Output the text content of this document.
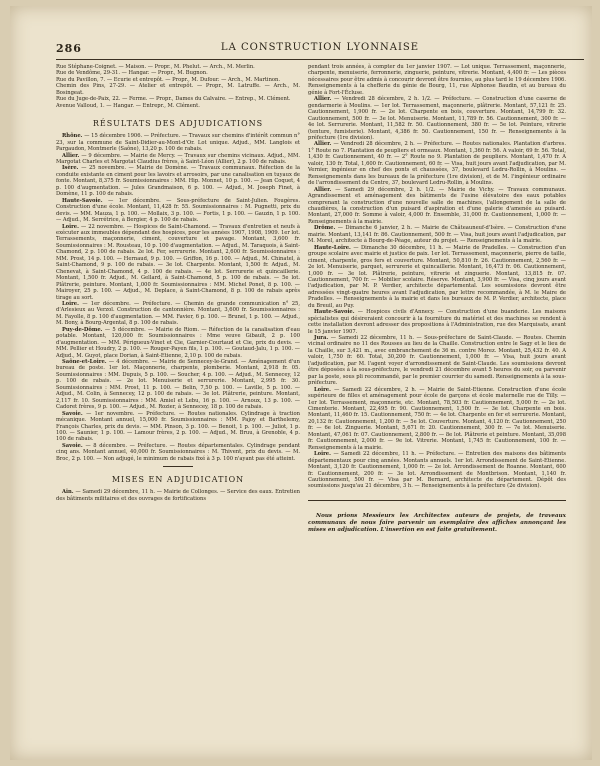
286	LA CONSTRUCTION LYONNAISE

Rue Stéphane-Coignet. — Maison. — Propr., M. Phelut. — Arch., M. Merlin.

Rue de Vendôme, 29-31. — Hangar. — Propr., M. Bugnon.

Rue du Pavillon, 7. — Ecurie et entrepôt. — Propr., M. Dufour. — Arch., M. Martinon.

Chemin des Pins, 27-29. — Atelier et entrepôt. — Propr., M. Latruffe. — Arch., M. Bosingeat.

Rue du Juge-de-Paix, 22. — Ferme. — Propr., Dames du Calvaire. — Entrep., M. Clément.

Avenue Valloud, 1. — Hangar. — Entrepr., M. Clément.

RÉSULTATS DES ADJUDICATIONS

Rhône. — 15 décembre 1906. — Préfecture. — Travaux sur chemins d'intérêt commun n° 23, sur la commune de Saint-Didier-au-Mont-d'Or. Lot unique. Adjud., MM. Langlois et Pargaudon, Montmerle (Saône), 13,20 p. 100 de rabais.

Allier. — 9 décembre. — Mairie de Mercy. — Travaux sur chemins vicinaux. Adjud., MM. Margotat Charles et Margotat Claudius frères, à Saint-Léon (Allier), 2 p. 100 de rabais.

Isère. — 25 novembre. — Mairie de Domène. — Travaux communaux. Réfection de la conduite existante en ciment pour les lavoirs et arrosoirs, par une canalisation en tuyaux de fonte. Montant, 8,375 fr. Soumissionnaires : MM. Hip. Monnet, 10 p. 100. — Jean Coquet, 4 p. 100 d'augmentation. — Jules Grandmaison, 6 p. 100. — Adjud., M. Joseph Finet, à Domène, 11 p. 100 de rabais.

Haute-Savoie. — 1er décembre. — Sous-préfecture de Saint-Julien. Fougères. Construction d'une école. Montant, 11,428 fr. 55. Soumissionnaires : M. Pugnetti, prix du devis. — MM. Mauza, 1 p. 100. — Mollaix, 3 p. 100. — Fortis, 1 p. 100. — Gauzin, 1 p. 100. — Adjud., M. Serrétrice, à Bergier, 4 p. 100 de rabais.

Loire. — 22 novembre. — Hospices de Saint-Chamond. — Travaux d'entretien et neufs à exécuter aux immeubles dépendant des hospices, pour les années 1907, 1908, 1909. 1er lot. Terrassements, maçonnerie, ciment, couverture et pavage. Montant, 3,600 fr. Soumissionnaires : M. Rousteau, 10 p. 100 d'augmentation. — Adjud., M. Taraquois, à Saint-Chamond, 2 p. 100 de rabais. 2e lot. Fer, serrurerie. Montant, 2,600 fr. Soumissionnaires : MM. Prost, 14 p. 100. — Hernaud, 9 p. 100. — Griffon, 16 p. 100. — Adjud., M. Chinatel, à Saint-Chamond, 9 p. 100 de rabais. — 3e lot. Charpente. Montant, 1,500 fr. Adjud., M. Chenevat, à Saint-Chamond, 4 p. 100 de rabais. — 4e lot. Serrurerie et quincaillerie. Montant, 1,500 fr. Adjud., M. Gellard, à Saint-Chamond, 5 p. 100 de rabais. — 5e lot. Plâtrerie, peinture. Montant, 1,000 fr. Soumissionnaires : MM. Michel Ponet, 8 p. 100. — Mairoyer, 25 p. 100. — Adjud., M. Deplace, à Saint-Chamond, 8 p. 100 de rabais après tirage au sort.

Loire. — 1er décembre. — Préfecture. — Chemin de grande communication n° 25, d'Arlesieux au Verzol. Construction de cantonnière. Montant, 3,600 fr. Soumissionnaires : M. Fayolle, 8 p. 100 d'augmentation. — MM. Favier, 6 p. 100. — Brunel, 1 p. 100. — Adjud., M. Bony, à Bourg-Argental, 8 p. 100 de rabais.

Puy-de-Dôme. — 5 décembre. — Mairie de Riom. — Réfection de la canalisation d'eau potable. Montant, 120,000 fr. Soumissionnaires : Mme veuve Gibault, 2 p. 100 d'augmentation. — MM. Périgueux-Vinet et Cie, Garnier-Courtaud et Cie, prix du devis. — MM. Pellier et Houdry, 2 p. 100. — Rouger-Payen fils, 1 p. 100. — Goutaud-Jalu, 1 p. 100. — Adjud., M. Guyot, place Dorian, à Saint-Etienne, 2,10 p. 100 de rabais.

Saône-et-Loire. — 4 décembre. — Mairie de Sennecey-le-Grand. — Aménagement d'un bureau de poste. 1er lot. Maçonnerie, charpente, plomberie. Montant, 2,918 fr. 05. Soumissionnaires : MM. Dupuis, 5 p. 100. — Soucher, 4 p. 100. — Adjud., M. Sennecey, 12 p. 100 de rabais. — 2e lot. Menuiserie et serrurerie. Montant, 2,995 fr. 30. Soumissionnaires : MM. Prost, 11 p. 100. — Belin, 7,50 p. 100. — Laville, 5 p. 100. — Adjud., M. Colin, à Sennecey, 12 p. 100 de rabais. — 3e lot. Plâtrerie, peinture. Montant, 2,117 fr. 10. Soumissionnaires : MM. Amiel et Lebu, 16 p. 100. — Arnoux, 13 p. 100. — Cadoret frères, 9 p. 100. — Adjud., M. Rozier, à Sennecey, 18 p. 100 de rabais.

Savoie. — 1er novembre. — Préfecture. — Routes nationales. Cylindrage à traction mécanique. Montant annuel, 15,000 fr. Soumissionnaires : MM. Pajoy et Barthelemy, François Charles, prix du devis. — MM. Pinson, 3 p. 100. — Benoit, 1 p. 100. — Juliot, 1 p. 100. — Saunier, 1 p. 100. — Lamour frères, 2 p. 100. — Adjud., M. Bruu, à Grenoble, 4 p. 100 de rabais.

Savoie. — 8 décembre. — Préfecture. — Routes départementales. Cylindrage pendant cinq ans. Montant annuel, 40,000 fr. Soumissionnaires : M. Thivent, prix du devis. — M. Broc, 2 p. 100. — Non adjugé, le minimum de rabais fixé à 3 p. 100 n'ayant pas été atteint.

MISES EN ADJUDICATION

Ain. — Samedi 29 décembre, 11 h. — Mairie de Collonges. — Service des eaux. Entretien des bâtiments militaires et des ouvrages de fortifications

pendant trois années, à compter du 1er janvier 1907. — Lot unique. Terrassement, maçonnerie, charpente, menuiserie, ferronnerie, zinguerie, peinture, vitrerie. Montant, 4,400 fr. — Les pièces nécessaires pour être admis à concourir devront être fournies, au plus tard le 19 décembre 1906. Renseignements à la chefferie du génie de Bourg, 11, rue Alphonse Baudin, et au bureau du génie à Fort-l'Écluse.

Allier. — Vendredi 28 décembre, 2 h. 1/2. — Préfecture. — Construction d'une caserne de gendarmerie à Moulins. — 1er lot. Terrassement, maçonnerie, plâtrerie. Montant, 57,121 fr. 25. Cautionnement, 1,900 fr. — 2e lot. Charpente en bois, couverture. Montant, 14,799 fr. 32. Cautionnement, 500 fr. — 3e lot. Menuiserie. Montant, 11,789 fr. 56. Cautionnement, 300 fr. — 4e lot. Serrurerie. Montant, 11,582 fr. 50. Cautionnement, 380 fr. — 5e lot. Peinture, vitrerie (tenture, fumisterie). Montant, 4,386 fr. 50. Cautionnement, 150 fr. — Renseignements à la préfecture (1re division).

Allier. — Vendredi 28 décembre, 2 h. — Préfecture. — Routes nationales. Plantation d'arbres. 1° Route no 7. Plantation de peupliers et ormeaux. Montant, 1,360 fr. 56. A valoir, 69 fr. 56. Total, 1,430 fr. Cautionnement, 40 fr. — 2° Route no 9. Plantation de peupliers. Montant, 1,470 fr. A valoir, 130 fr. Total, 1,600 fr. Cautionnement, 60 fr. — Visa, huit jours avant l'adjudication, par M. Vernier, ingénieur en chef des ponts et chaussées, 37, boulevard Ledru-Rollin, à Moulins. — Renseignements dans les bureaux de la préfecture (1re division), et de M. l'ingénieur ordinaire de l'arrondissement du Centre, 37, boulevard Ledru-Rollin, à Moulins.

Allier. — Samedi 29 décembre, 2 h. 1/2. — Mairie de Vichy. — Travaux communaux. Agrandissement et aménagement des bâtiments de l'usine élévatoire des eaux potables comprenant la construction d'une nouvelle salle de machines, l'allongement de la salle de chaudières, la construction d'un puisard d'aspiration et d'une galerie d'amenée au puisard. Montant, 27,000 fr. Somme à valoir, 4,000 fr. Ensemble, 31,000 fr. Cautionnement, 1,000 fr. — Renseignements à la mairie.

Drôme. — Dimanche 6 janvier, 2 h. — Mairie de Châteauneuf-d'Isère. — Construction d'une mairie. Montant, 13,141 fr. 86. Cautionnement, 500 fr. — Visa, huit jours avant l'adjudication, par M. Morel, architecte à Bourg-de-Péage, auteur du projet. — Renseignements à la mairie.

Haute-Loire. — Dimanche 30 décembre, 11 h. — Mairie de Pradelles. — Construction d'un groupe scolaire avec mairie et justice de paix. 1er lot. Terrassement, maçonnerie, pierre de taille, ciment, charpente, gros fers et couverture. Montant, 50,810 fr. 26. Cautionnement, 2,560 fr. — 2e lot. Menuiserie, parquet, serrurerie et quincaillerie. Montant, 16,473 fr. 06. Cautionnement, 1,000 fr. — 3e lot. Plâtrerie, peinture, vitrerie et zinguerie. Montant, 13,815 fr. 07. Cautionnement, 700 fr. — Mobilier scolaire. Réserve. Montant, 3,900 fr. — Visa, cinq jours avant l'adjudication, par M. P. Verdier, architecte départemental. Les soumissions devront être adressées vingt-quatre heures avant l'adjudication, par lettre recommandée, à M. le Maire de Pradelles. — Renseignements à la mairie et dans les bureaux de M. P. Verdier, architecte, place du Breuil, au Puy.

Haute-Savoie. — Hospices civils d'Annecy. — Construction d'une buanderie. Les maisons spécialistes qui désireraient concourir à la fourniture du matériel et des machines se rendent à cette installation devront adresser des propositions à l'Administration, rue des Marquisats, avant le 15 janvier 1907.

Jura. — Samedi 22 décembre, 11 h. — Sous-préfecture de Saint-Claude. — Routes. Chemin vicinal ordinaire no 11 des Rousses au lieu de la Chaille. Construction entre le Sagy et le lieu de la Chaille, sur 3,421 m., avec embranchement de 36 m. contre Morez. Montant, 25,432 fr. 40. A valoir, 1,750 fr. 60. Total, 30,200 fr. Cautionnement, 1,000 fr. — Visa, huit jours avant l'adjudication, par M. l'agent voyer d'arrondissement de Saint-Claude. Les soumissions devront être déposées à la sous-préfecture, le vendredi 21 décembre avant 5 heures du soir, ou parvenir par la poste, sous pli recommandé, par le premier courrier du samedi. Renseignements à la sous-préfecture.

Loire. — Samedi 22 décembre, 2 h. — Mairie de Saint-Etienne. Construction d'une école supérieure de filles et aménagement pour école de garçons et école maternelle rue de Tilly. — 1er lot. Terrassement, maçonnerie, etc. Montant, 78,503 fr. Cautionnement, 5,000 fr. — 2e lot. Cimenterie. Montant, 22,495 fr. 90. Cautionnement, 1,500 fr. — 3e lot. Charpente en bois. Montant, 11,460 fr. 15. Cautionnement, 750 fr. — 4e lot. Charpente en fer et serrurerie. Montant, 20,132 fr. Cautionnement, 1,200 fr. — 5e lot. Couverture. Montant, 4,120 fr. Cautionnement, 250 fr. — 6e lot. Zinguerie. Montant, 5,671 fr. 20. Cautionnement, 300 fr. — 7e lot. Menuiserie. Montant, 47,061 fr. 07. Cautionnement, 2,800 fr. — 8e lot. Plâtrerie et peinture. Montant, 35,098 fr. Cautionnement, 2,000 fr. — 9e lot. Vitrerie. Montant, 1,745 fr. Cautionnement, 100 fr. — Renseignements à la mairie.

Loire. — Samedi 22 décembre, 11 h. — Préfecture. — Entretien des maisons des bâtiments départementaux pour cinq années. Montants annuels. 1er lot. Arrondissement de Saint-Etienne. Montant, 3,120 fr. Cautionnement, 1,000 fr. — 2e lot. Arrondissement de Roanne. Montant, 600 fr. Cautionnement, 200 fr. — 3e lot. Arrondissement de Montbrison. Montant, 1,140 fr. Cautionnement, 500 fr. — Visa par M. Bernard, architecte du département. Dépôt des soumissions jusqu'au 21 décembre, 3 h. — Renseignements à la préfecture (2e division).

Nous prions Messieurs les Architectes auteurs de projets, de traveaux communaux de nous faire parvenir un exemplaire des affiches annonçant les mises en adjudication. L'insertion en est faite gratuitement.
